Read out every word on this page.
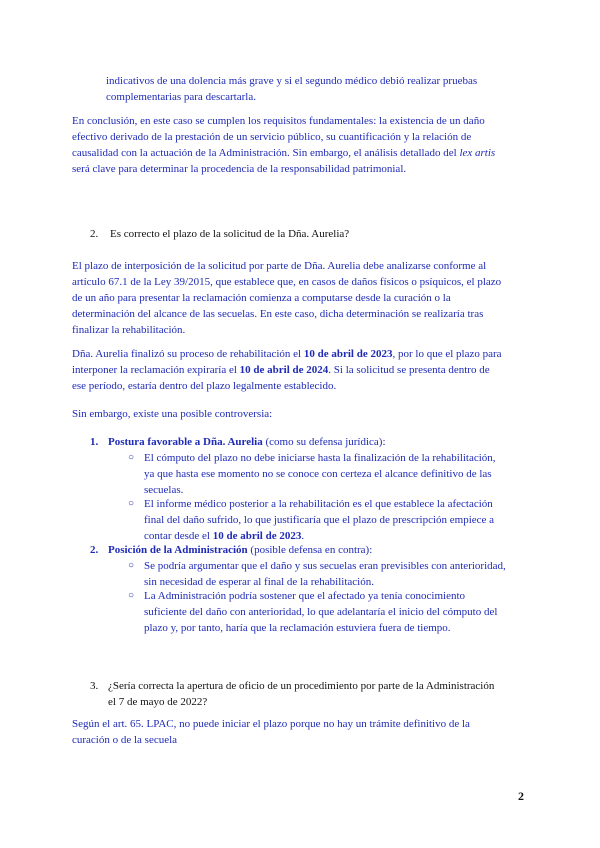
indicativos de una dolencia más grave y si el segundo médico debió realizar pruebas
complementarias para descartarla.
En conclusión, en este caso se cumplen los requisitos fundamentales: la existencia de un daño
efectivo derivado de la prestación de un servicio público, su cuantificación y la relación de
causalidad con la actuación de la Administración. Sin embargo, el análisis detallado del lex artis
será clave para determinar la procedencia de la responsabilidad patrimonial.
2. Es correcto el plazo de la solicitud de la Dña. Aurelia?
El plazo de interposición de la solicitud por parte de Dña. Aurelia debe analizarse conforme al
artículo 67.1 de la Ley 39/2015, que establece que, en casos de daños físicos o psíquicos, el plazo
de un año para presentar la reclamación comienza a computarse desde la curación o la
determinación del alcance de las secuelas. En este caso, dicha determinación se realizaría tras
finalizar la rehabilitación.
Dña. Aurelia finalizó su proceso de rehabilitación el 10 de abril de 2023, por lo que el plazo para
interponer la reclamación expiraría el 10 de abril de 2024. Si la solicitud se presenta dentro de
ese período, estaría dentro del plazo legalmente establecido.
Sin embargo, existe una posible controversia:
1. Postura favorable a Dña. Aurelia (como su defensa jurídica):
○ El cómputo del plazo no debe iniciarse hasta la finalización de la rehabilitación,
ya que hasta ese momento no se conoce con certeza el alcance definitivo de las
secuelas.
○ El informe médico posterior a la rehabilitación es el que establece la afectación
final del daño sufrido, lo que justificaría que el plazo de prescripción empiece a
contar desde el 10 de abril de 2023.
2. Posición de la Administración (posible defensa en contra):
○ Se podría argumentar que el daño y sus secuelas eran previsibles con anterioridad,
sin necesidad de esperar al final de la rehabilitación.
○ La Administración podría sostener que el afectado ya tenía conocimiento
suficiente del daño con anterioridad, lo que adelantaría el inicio del cómputo del
plazo y, por tanto, haría que la reclamación estuviera fuera de tiempo.
3. ¿Sería correcta la apertura de oficio de un procedimiento por parte de la Administración
el 7 de mayo de 2022?
Según el art. 65. LPAC, no puede iniciar el plazo porque no hay un trámite definitivo de la
curación o de la secuela
2
